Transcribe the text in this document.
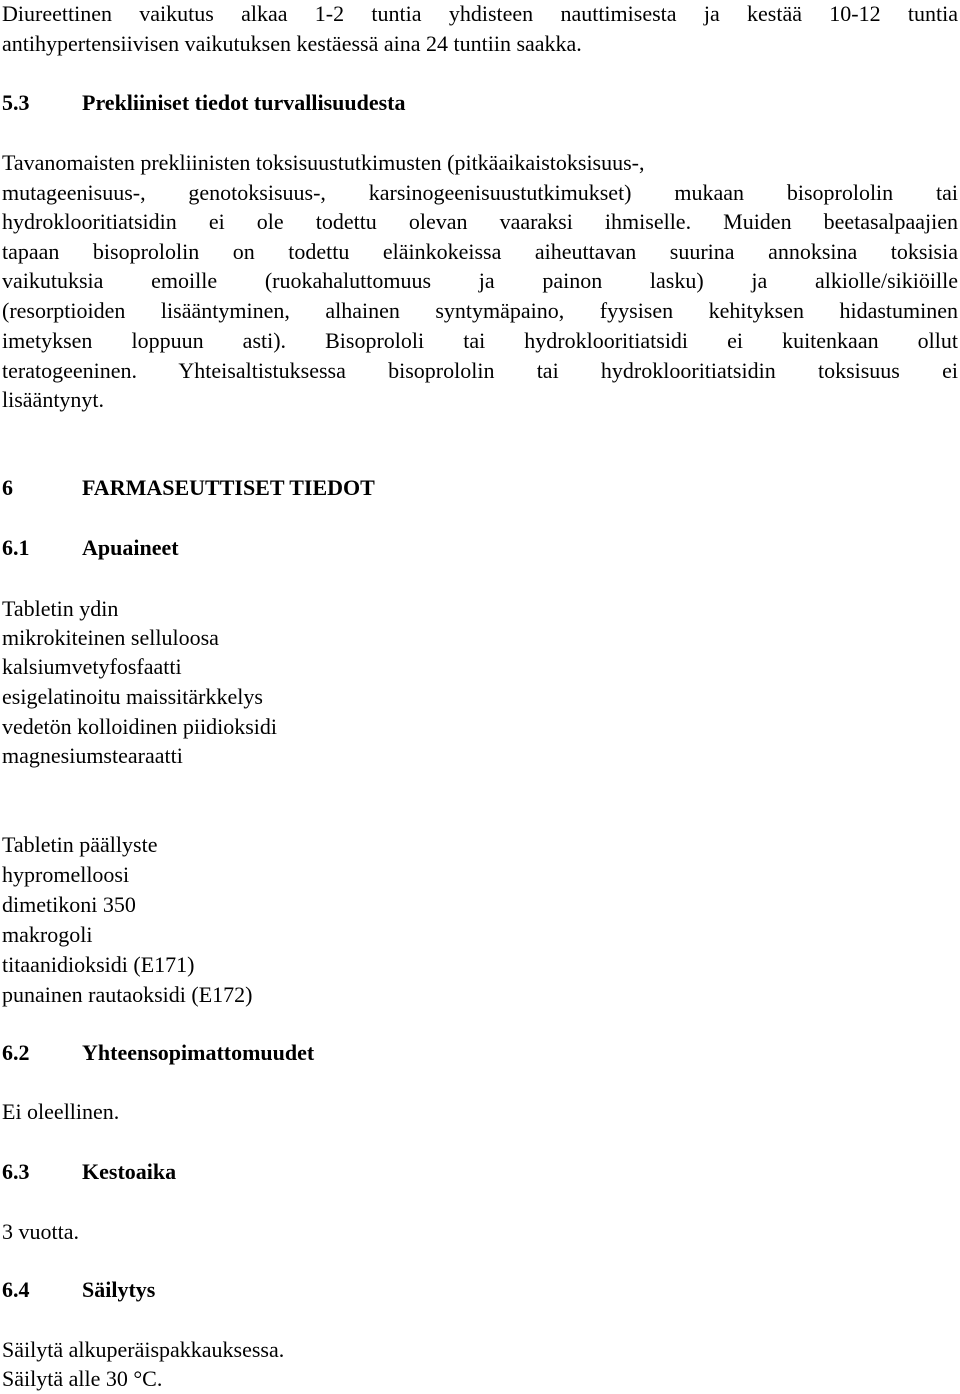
Diureettinen vaikutus alkaa 1-2 tuntia yhdisteen nauttimisesta ja kestää 10-12 tuntia
antihypertensiivisen vaikutuksen kestäessä aina 24 tuntiin saakka.
5.3 Prekliiniset tiedot turvallisuudesta
Tavanomaisten prekliinisten toksisuustutkimusten (pitkäaikaistoksisuus-,
mutageenisuus-, genotoksisuus-, karsinogeenisuustutkimukset) mukaan bisoprololin tai
hydroklooritiatsidin ei ole todettu olevan vaaraksi ihmiselle. Muiden beetasalpaajien
tapaan bisoprololin on todettu eläinkokeissa aiheuttavan suurina annoksina toksisia
vaikutuksia emoille (ruokahaluttomuus ja painon lasku) ja alkiolle/sikiöille
(resorptioiden lisääntyminen, alhainen syntymäpaino, fyysisen kehityksen hidastuminen
imetyksen loppuun asti). Bisoprololi tai hydroklooritiatsidi ei kuitenkaan ollut
teratogeeninen. Yhteisaltistuksessa bisoprololin tai hydroklooritiatsidin toksisuus ei
lisääntynyt.
6	FARMASEUTTISET TIEDOT
6.1 Apuaineet
Tabletin ydin
mikrokiteinen selluloosa
kalsiumvetyfosfaatti
esigelatinoitu maissitärkkelys
vedetön kolloidinen piidioksidi
magnesiumstearaatti
Tabletin päällyste
hypromelloosi
dimetikoni 350
makrogoli
titaanidioksidi (E171)
punainen rautaoksidi (E172)
6.2 Yhteensopimattomuudet
Ei oleellinen.
6.3 Kestoaika
3 vuotta.
6.4 Säilytys
Säilytä alkuperäispakkauksessa.
Säilytä alle 30 °C.
